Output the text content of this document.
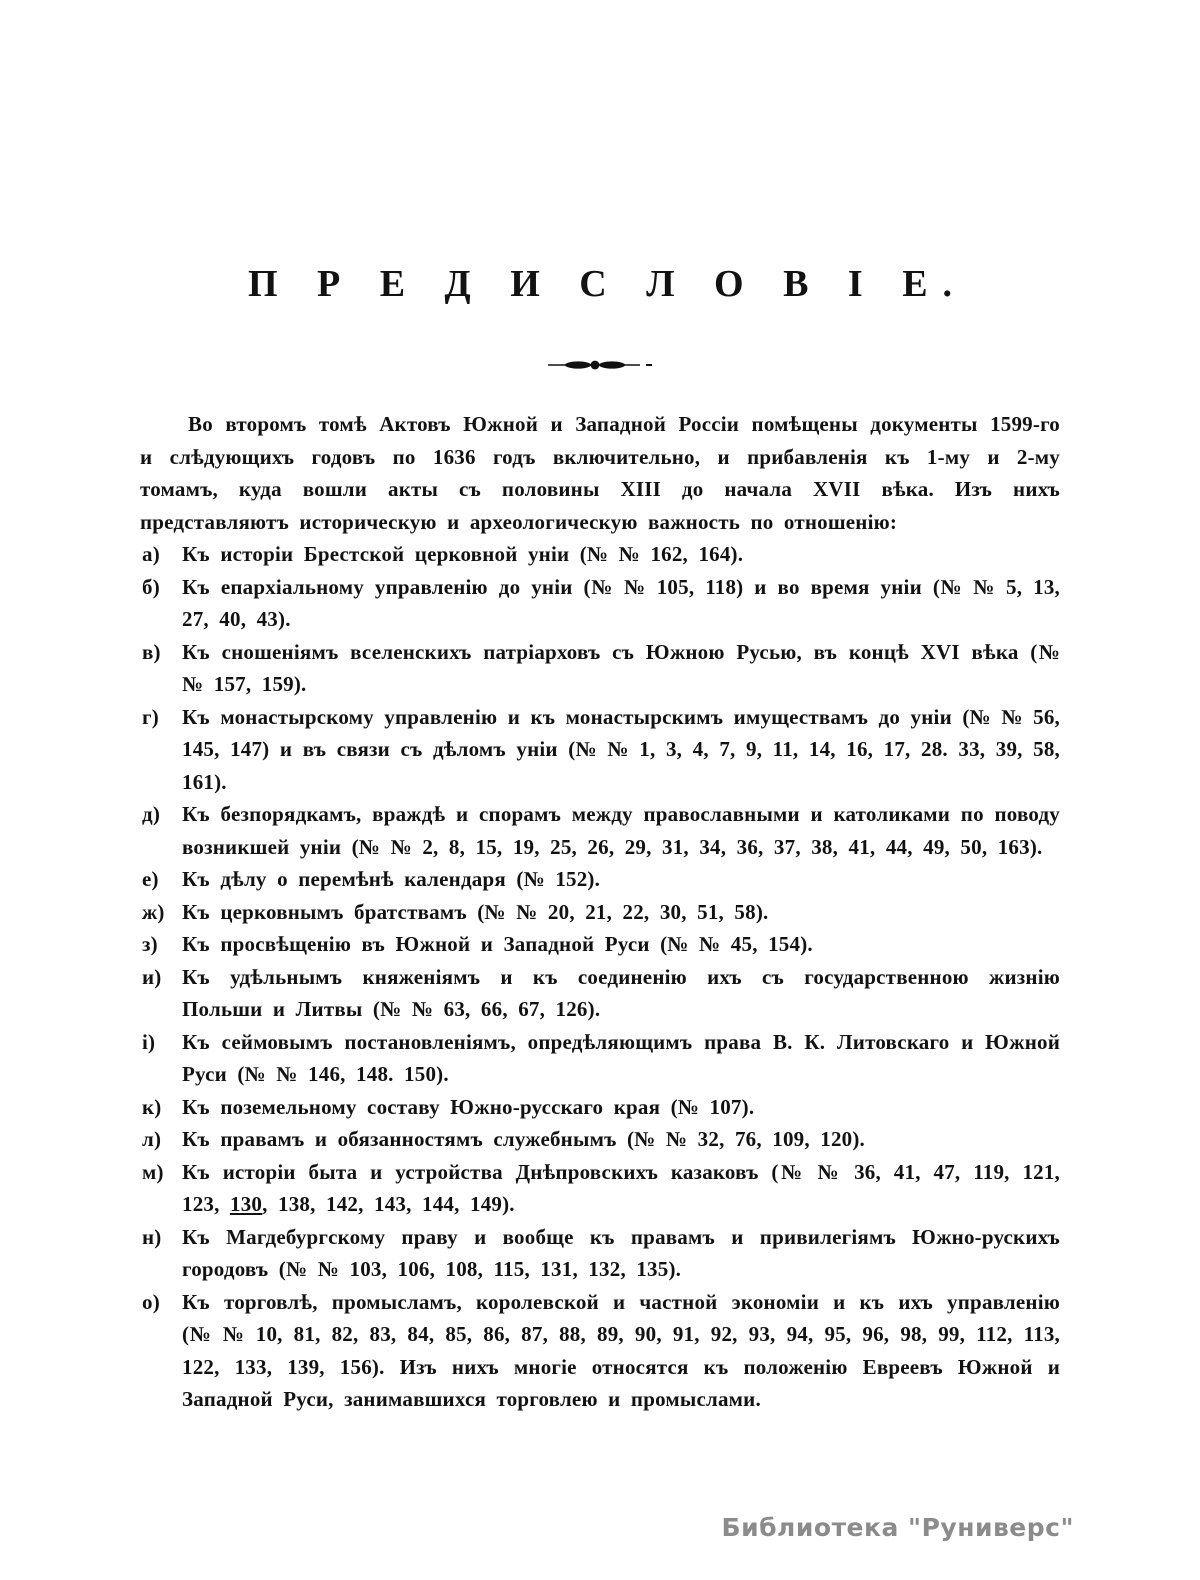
П Р Е Д И С Л О В І Е.

Во второмъ томѣ Актовъ Южной и Западной Россіи помѣщены документы 1599-го и слѣдующихъ годовъ по 1636 годъ включительно, и прибавленія къ 1-му и 2-му томамъ, куда вошли акты съ половины XIII до начала XVII вѣка. Изъ нихъ представляютъ историческую и археологическую важность по отношенію:

а) Къ исторіи Брестской церковной уніи (№ № 162, 164).
б) Къ епархіальному управленію до уніи (№ № 105, 118) и во время уніи (№ № 5, 13, 27, 40, 43).
в) Къ сношеніямъ вселенскихъ патріарховъ съ Южною Русью, въ концѣ XVI вѣка (№ № 157, 159).
г) Къ монастырскому управленію и къ монастырскимъ имуществамъ до уніи (№ № 56, 145, 147) и въ связи съ дѣломъ уніи (№ № 1, 3, 4, 7, 9, 11, 14, 16, 17, 28. 33, 39, 58, 161).
д) Къ безпорядкамъ, враждѣ и спорамъ между православными и католиками по поводу возникшей уніи (№ № 2, 8, 15, 19, 25, 26, 29, 31, 34, 36, 37, 38, 41, 44, 49, 50, 163).
е) Къ дѣлу о перемѣнѣ календаря (№ 152).
ж) Къ церковнымъ братствамъ (№ № 20, 21, 22, 30, 51, 58).
з) Къ просвѣщенію въ Южной и Западной Руси (№ № 45, 154).
и) Къ удѣльнымъ княженіямъ и къ соединенію ихъ съ государственною жизнію Польши и Литвы (№ № 63, 66, 67, 126).
і) Къ сеймовымъ постановленіямъ, опредѣляющимъ права В. К. Литовскаго и Южной Руси (№ № 146, 148. 150).
к) Къ поземельному составу Южно-русскаго края (№ 107).
л) Къ правамъ и обязанностямъ служебнымъ (№ № 32, 76, 109, 120).
м) Къ исторіи быта и устройства Днѣпровскихъ казаковъ (№ № 36, 41, 47, 119, 121, 123, 130, 138, 142, 143, 144, 149).
н) Къ Магдебургскому праву и вообще къ правамъ и привилегіямъ Южно-рускихъ городовъ (№ № 103, 106, 108, 115, 131, 132, 135).
о) Къ торговлѣ, промысламъ, королевской и частной экономіи и къ ихъ управленію (№ № 10, 81, 82, 83, 84, 85, 86, 87, 88, 89, 90, 91, 92, 93, 94, 95, 96, 98, 99, 112, 113, 122, 133, 139, 156). Изъ нихъ многіе относятся къ положенію Евреевъ Южной и Западной Руси, занимавшихся торговлею и промыслами.
Библиотека "Руниверс"
